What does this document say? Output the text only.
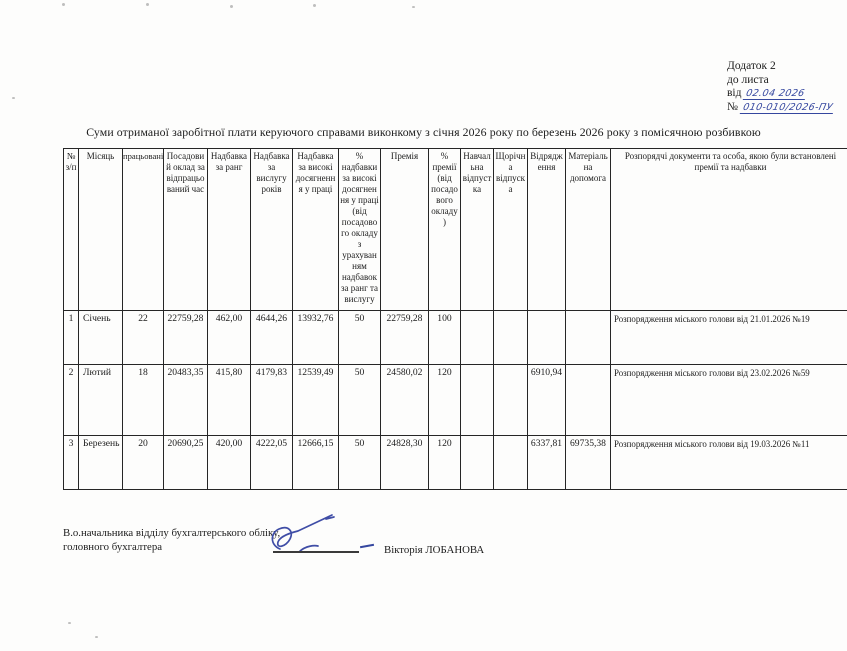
Додаток 2
до листа
від 02.04 2026
№ 010-010/2026-ПУ
Суми отриманої заробітної плати керуючого справами виконкому з січня 2026 року по березень 2026 року з помісячною розбивкою
№ з/п	Місяць	працьовані	Посадовий оклад за відпрацьований час	Надбавка за ранг	Надбавка за вислугу років	Надбавка за високі досягнення у праці	% надбавки за високі досягнення у праці (від посадового окладу з урахуванням надбавок за ранг та вислугу	Премія	% премії (від посадового окладу)	Навчальна відпустка	Щорічна відпуска	Відрядження	Матеріальна допомога	Розпорядчі документи та особа, якою були встановлені премії та надбавки
1	Січень	22	22759,28	462,00	4644,26	13932,76	50	22759,28	100					Розпорядження міського голови від 21.01.2026 №19
2	Лютий	18	20483,35	415,80	4179,83	12539,49	50	24580,02	120			6910,94		Розпорядження міського голови від 23.02.2026 №59
3	Березень	20	20690,25	420,00	4222,05	12666,15	50	24828,30	120			6337,81	69735,38	Розпорядження міського голови від 19.03.2026 №11
В.о.начальника відділу бухгалтерського обліку,
головного бухгалтера	Вікторія ЛОБАНОВА
